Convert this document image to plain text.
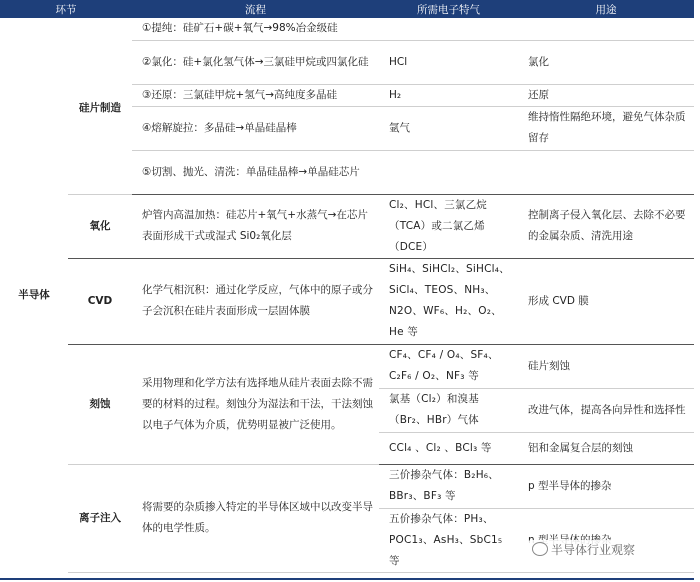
环节		流程	所需电子特气	用途
半导体	硅片制造	①提纯：硅矿石+碳+氧气→98%冶金级硅		
		②氯化：硅+氯化氢气体→三氯硅甲烷或四氯化硅	HCl	氯化
		③还原：三氯硅甲烷+氢气→高纯度多晶硅	H₂	还原
		④熔解旋拉：多晶硅→单晶硅晶棒	氩气	维持惰性隔绝环境，避免气体杂质留存
		⑤切割、抛光、清洗：单晶硅晶棒→单晶硅芯片		
	氧化	炉管内高温加热：硅芯片+氧气+水蒸气→在芯片表面形成干式或湿式 Si0₂氧化层	Cl₂、HCl、三氯乙烷（TCA）或二氯乙烯（DCE）	控制离子侵入氧化层、去除不必要的金属杂质、清洗用途
	CVD	化学气相沉积：通过化学反应，气体中的原子或分子会沉积在硅片表面形成一层固体膜	SiH₄、SiHCl₂、SiHCl₄、SiCl₄、TEOS、NH₃、N2O、WF₆、H₂、O₂、He 等	形成 CVD 膜
	刻蚀	采用物理和化学方法有选择地从硅片表面去除不需要的材料的过程。刻蚀分为湿法和干法，干法刻蚀以电子气体为介质，优势明显被广泛使用。	CF₄、CF₄ / O₄、SF₄、C₂F₆ / O₂、NF₃ 等	硅片刻蚀
			氯基（Cl₂）和溴基（Br₂、HBr）气体	改进气体，提高各向异性和选择性
			CCl₄ 、Cl₂ 、BCl₃ 等	铝和金属复合层的刻蚀
	离子注入	将需要的杂质掺入特定的半导体区域中以改变半导体的电学性质。	三价掺杂气体：B₂H₆、BBr₃、BF₃ 等	p 型半导体的掺杂
			五价掺杂气体：PH₃、POC1₃、AsH₃、SbC1₅ 等	
半导体行业观察
